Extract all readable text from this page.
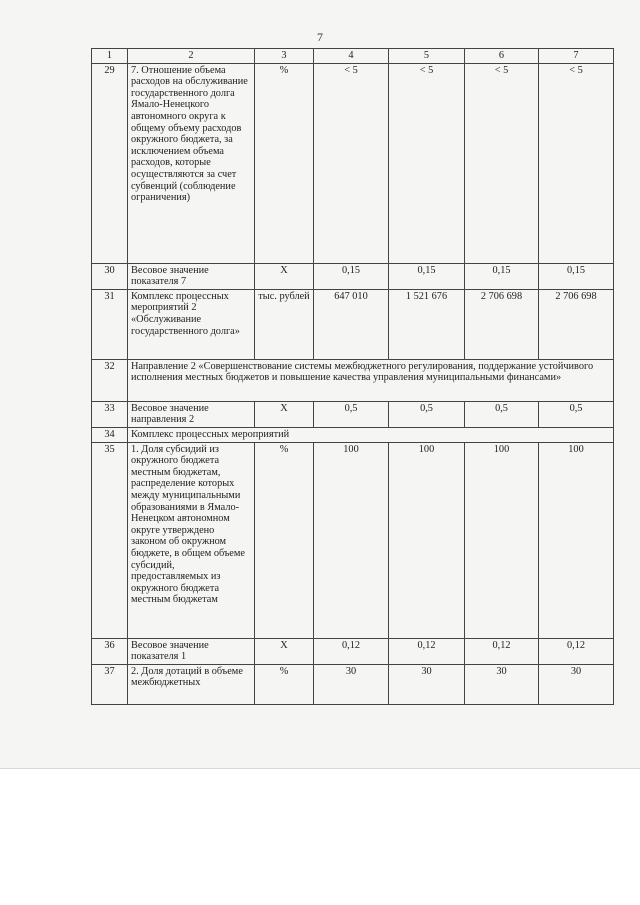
7
1	2	3	4	5	6	7
29	7. Отношение объема расходов на обслуживание государственного долга Ямало-Ненецкого автономного округа к общему объему расходов окружного бюджета, за исключением объема расходов, которые осуществляются за счет субвенций (соблюдение ограничения)	%	< 5	< 5	< 5	< 5
30	Весовое значение показателя 7	Х	0,15	0,15	0,15	0,15
31	Комплекс процессных мероприятий 2 «Обслуживание государственного долга»	тыс. рублей	647 010	1 521 676	2 706 698	2 706 698
32	Направление 2 «Совершенствование системы межбюджетного регулирования, поддержание устойчивого исполнения местных бюджетов и повышение качества управления муниципальными финансами»					
33	Весовое значение направления 2	Х	0,5	0,5	0,5	0,5
34	Комплекс процессных мероприятий					
35	1. Доля субсидий из окружного бюджета местным бюджетам, распределение которых между муниципальными образованиями в Ямало-Ненецком автономном округе утверждено законом об окружном бюджете, в общем объеме субсидий, предоставляемых из окружного бюджета местным бюджетам	%	100	100	100	100
36	Весовое значение показателя 1	Х	0,12	0,12	0,12	0,12
37	2. Доля дотаций в объеме межбюджетных	%	30	30	30	30
